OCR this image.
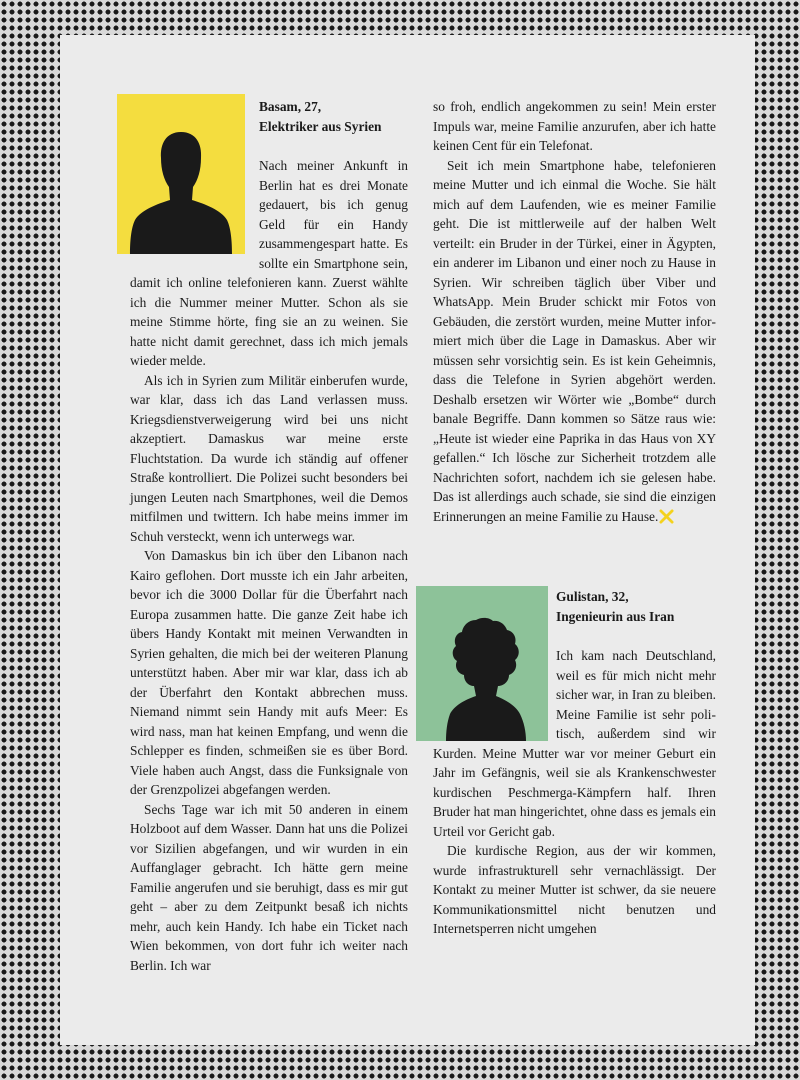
Basam, 27,
Elektriker aus Syrien

Nach meiner Ankunft in Berlin hat es drei Monate gedauert, bis ich genug Geld für ein Handy zusammengespart hatte. Es sollte ein Smartphone sein, damit ich online telefonieren kann. Zuerst wählte ich die Nummer meiner Mutter. Schon als sie meine Stimme hörte, fing sie an zu weinen. Sie hatte nicht damit gerechnet, dass ich mich jemals wieder melde.

Als ich in Syrien zum Militär einberufen wurde, war klar, dass ich das Land verlassen muss. Kriegsdienstverweigerung wird bei uns nicht akzeptiert. Damaskus war meine erste Fluchtstation. Da wurde ich ständig auf offener Straße kontrolliert. Die Polizei sucht besonders bei jungen Leuten nach Smartphones, weil die Demos mitfilmen und twittern. Ich habe meins immer im Schuh versteckt, wenn ich unterwegs war.

Von Damaskus bin ich über den Libanon nach Kairo geflohen. Dort musste ich ein Jahr arbeiten, bevor ich die 3000 Dollar für die Überfahrt nach Europa zusammen hatte. Die ganze Zeit habe ich übers Handy Kontakt mit meinen Verwandten in Syrien gehalten, die mich bei der weiteren Planung unterstützt haben. Aber mir war klar, dass ich ab der Überfahrt den Kontakt abbrechen muss. Niemand nimmt sein Handy mit aufs Meer: Es wird nass, man hat keinen Empfang, und wenn die Schlepper es finden, schmeißen sie es über Bord. Viele haben auch Angst, dass die Funksignale von der Grenzpolizei abgefangen werden.

Sechs Tage war ich mit 50 anderen in einem Holzboot auf dem Wasser. Dann hat uns die Polizei vor Sizilien abgefangen, und wir wurden in ein Auffanglager gebracht. Ich hätte gern meine Familie angerufen und sie beruhigt, dass es mir gut geht – aber zu dem Zeitpunkt besaß ich nichts mehr, auch kein Handy. Ich habe ein Ticket nach Wien bekommen, von dort fuhr ich weiter nach Berlin. Ich war

so froh, endlich angekommen zu sein! Mein erster Impuls war, meine Familie anzurufen, aber ich hatte keinen Cent für ein Telefonat.

Seit ich mein Smartphone habe, telefonieren meine Mutter und ich einmal die Woche. Sie hält mich auf dem Laufenden, wie es meiner Familie geht. Die ist mittlerweile auf der halben Welt verteilt: ein Bruder in der Türkei, einer in Ägypten, ein anderer im Libanon und einer noch zu Hause in Syrien. Wir schreiben täglich über Viber und WhatsApp. Mein Bruder schickt mir Fotos von Gebäuden, die zerstört wurden, meine Mutter informiert mich über die Lage in Damaskus. Aber wir müssen sehr vorsichtig sein. Es ist kein Geheimnis, dass die Telefone in Syrien abgehört werden. Deshalb ersetzen wir Wörter wie „Bombe“ durch banale Begriffe. Dann kommen so Sätze raus wie: „Heute ist wieder eine Paprika in das Haus von XY gefallen.“ Ich lösche zur Sicherheit trotzdem alle Nachrichten sofort, nachdem ich sie gelesen habe. Das ist allerdings auch schade, sie sind die einzigen Erinnerungen an meine Familie zu Hause.

Gulistan, 32,
Ingenieurin aus Iran

Ich kam nach Deutschland, weil es für mich nicht mehr sicher war, in Iran zu bleiben. Meine Familie ist sehr politisch, außerdem sind wir Kurden. Meine Mutter war vor meiner Geburt ein Jahr im Gefängnis, weil sie als Krankenschwester kurdischen Peschmerga-Kämpfern half. Ihren Bruder hat man hingerichtet, ohne dass es jemals ein Urteil vor Gericht gab.

Die kurdische Region, aus der wir kommen, wurde infrastrukturell sehr vernachlässigt. Der Kontakt zu meiner Mutter ist schwer, da sie neuere Kommunikationsmittel nicht benutzen und Internetsperren nicht umgehen
